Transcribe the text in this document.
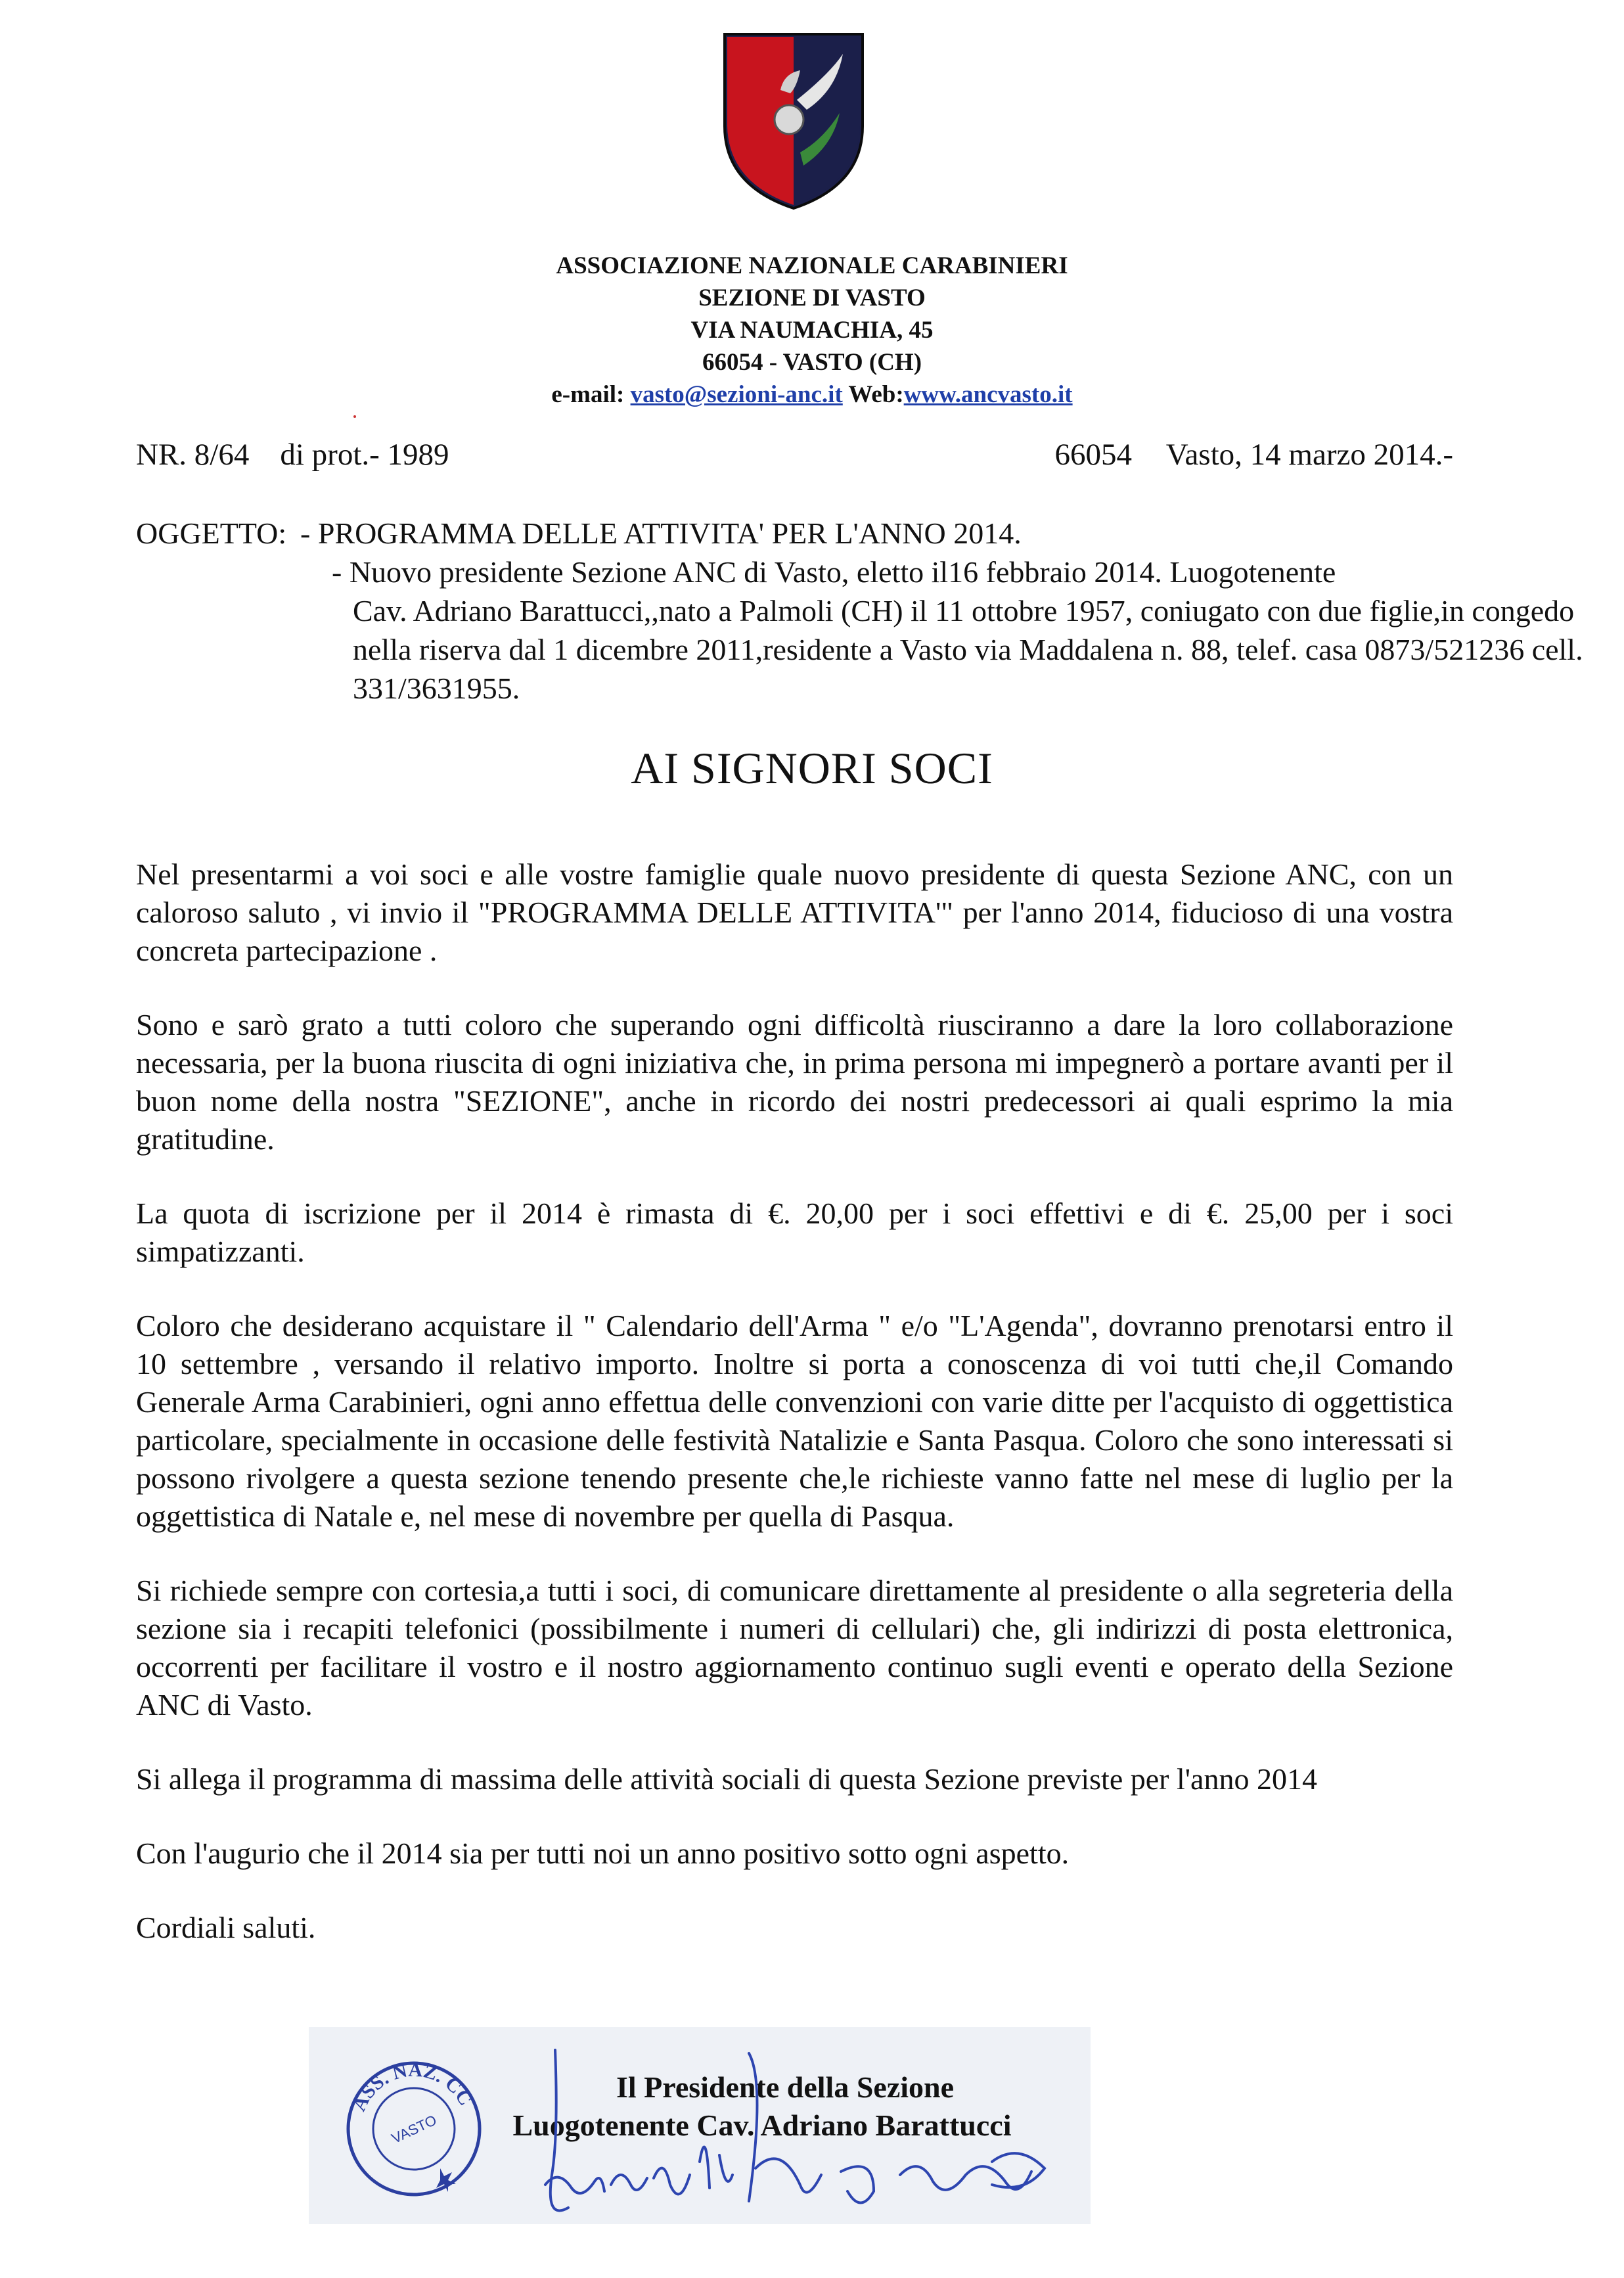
ASSOCIAZIONE NAZIONALE CARABINIERI
SEZIONE DI VASTO
VIA NAUMACHIA, 45
66054 - VASTO (CH)
e-mail: vasto@sezioni-anc.it Web:www.ancvasto.it
NR. 8/64 di prot.- 1989	66054 Vasto, 14 marzo 2014.-
OGGETTO: - PROGRAMMA DELLE ATTIVITA' PER L'ANNO 2014.
- Nuovo presidente Sezione ANC di Vasto, eletto il16 febbraio 2014. Luogotenente
Cav. Adriano Barattucci,,nato a Palmoli (CH) il 11 ottobre 1957, coniugato con due figlie,in congedo nella riserva dal 1 dicembre 2011,residente a Vasto via Maddalena n. 88, telef. casa 0873/521236 cell. 331/3631955.
AI SIGNORI SOCI

Nel presentarmi a voi soci e alle vostre famiglie quale nuovo presidente di questa Sezione ANC, con un caloroso saluto , vi invio il "PROGRAMMA DELLE ATTIVITA'" per l'anno 2014, fiducioso di una vostra concreta partecipazione .

Sono e sarò grato a tutti coloro che superando ogni difficoltà riusciranno a dare la loro collaborazione necessaria, per la buona riuscita di ogni iniziativa che, in prima persona mi impegnerò a portare avanti per il buon nome della nostra "SEZIONE", anche in ricordo dei nostri predecessori ai quali esprimo la mia gratitudine.

La quota di iscrizione per il 2014 è rimasta di €. 20,00 per i soci effettivi e di €. 25,00 per i soci simpatizzanti.

Coloro che desiderano acquistare il " Calendario dell'Arma " e/o "L'Agenda", dovranno prenotarsi entro il 10 settembre , versando il relativo importo. Inoltre si porta a conoscenza di voi tutti che,il Comando Generale Arma Carabinieri, ogni anno effettua delle convenzioni con varie ditte per l'acquisto di oggettistica particolare, specialmente in occasione delle festività Natalizie e Santa Pasqua. Coloro che sono interessati si possono rivolgere a questa sezione tenendo presente che,le richieste vanno fatte nel mese di luglio per la oggettistica di Natale e, nel mese di novembre per quella di Pasqua.

Si richiede sempre con cortesia,a tutti i soci, di comunicare direttamente al presidente o alla segreteria della sezione sia i recapiti telefonici (possibilmente i numeri di cellulari) che, gli indirizzi di posta elettronica, occorrenti per facilitare il vostro e il nostro aggiornamento continuo sugli eventi e operato della Sezione ANC di Vasto.

Si allega il programma di massima delle attività sociali di questa Sezione previste per l'anno 2014

Con l'augurio che il 2014 sia per tutti noi un anno positivo sotto ogni aspetto.

Cordiali saluti.

ASS. NAZ. CC
VASTO
Il Presidente della Sezione
Luogotenente Cav. Adriano Barattucci
